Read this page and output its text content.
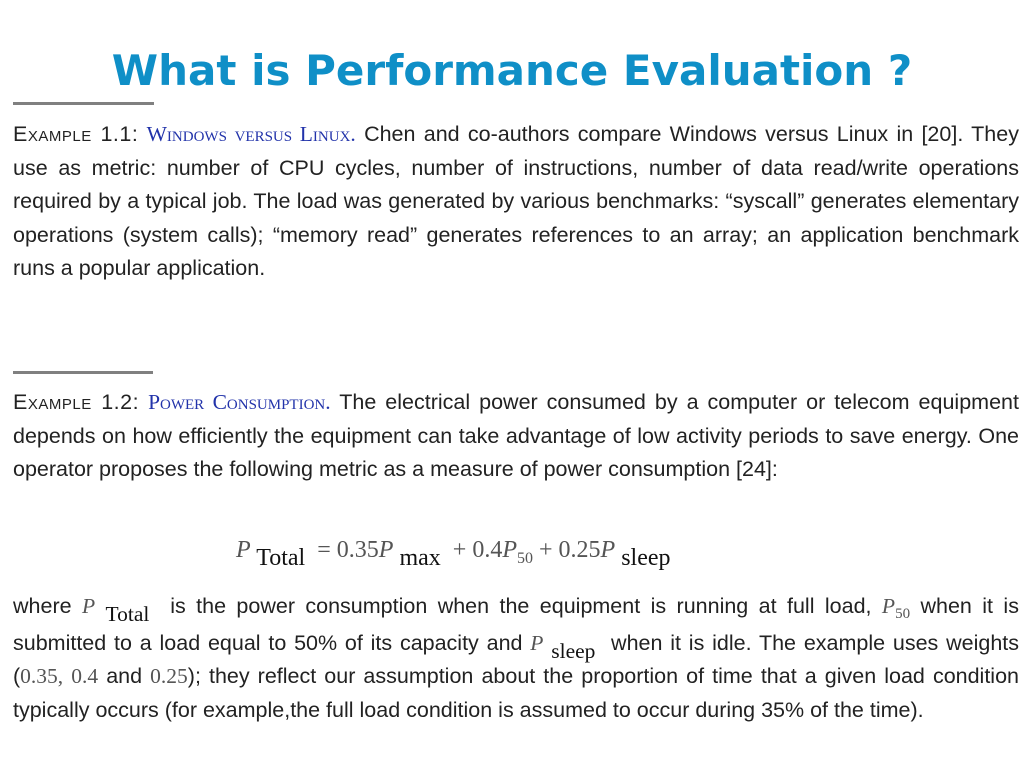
What is Performance Evaluation ?

Example 1.1: Windows versus Linux. Chen and co-authors compare Windows versus Linux in [20]. They use as metric: number of CPU cycles, number of instructions, number of data read/write operations required by a typical job. The load was generated by various benchmarks: “syscall” generates elementary operations (system calls); “memory read” generates references to an array; an application benchmark runs a popular application.

Example 1.2: Power Consumption. The electrical power consumed by a computer or telecom equipment depends on how efficiently the equipment can take advantage of low activity periods to save energy. One operator proposes the following metric as a measure of power consumption [24]:

P Total = 0.35P $\max + 0.4P_{50} + 0.25P$ sleep

where P Total is the power consumption when the equipment is running at full load, $P_{50}$ when it is submitted to a load equal to 50% of its capacity and P sleep when it is idle. The example uses weights (0.35, 0.4 and 0.25); they reflect our assumption about the proportion of time that a given load condition typically occurs (for example,the full load condition is assumed to occur during 35% of the time).
